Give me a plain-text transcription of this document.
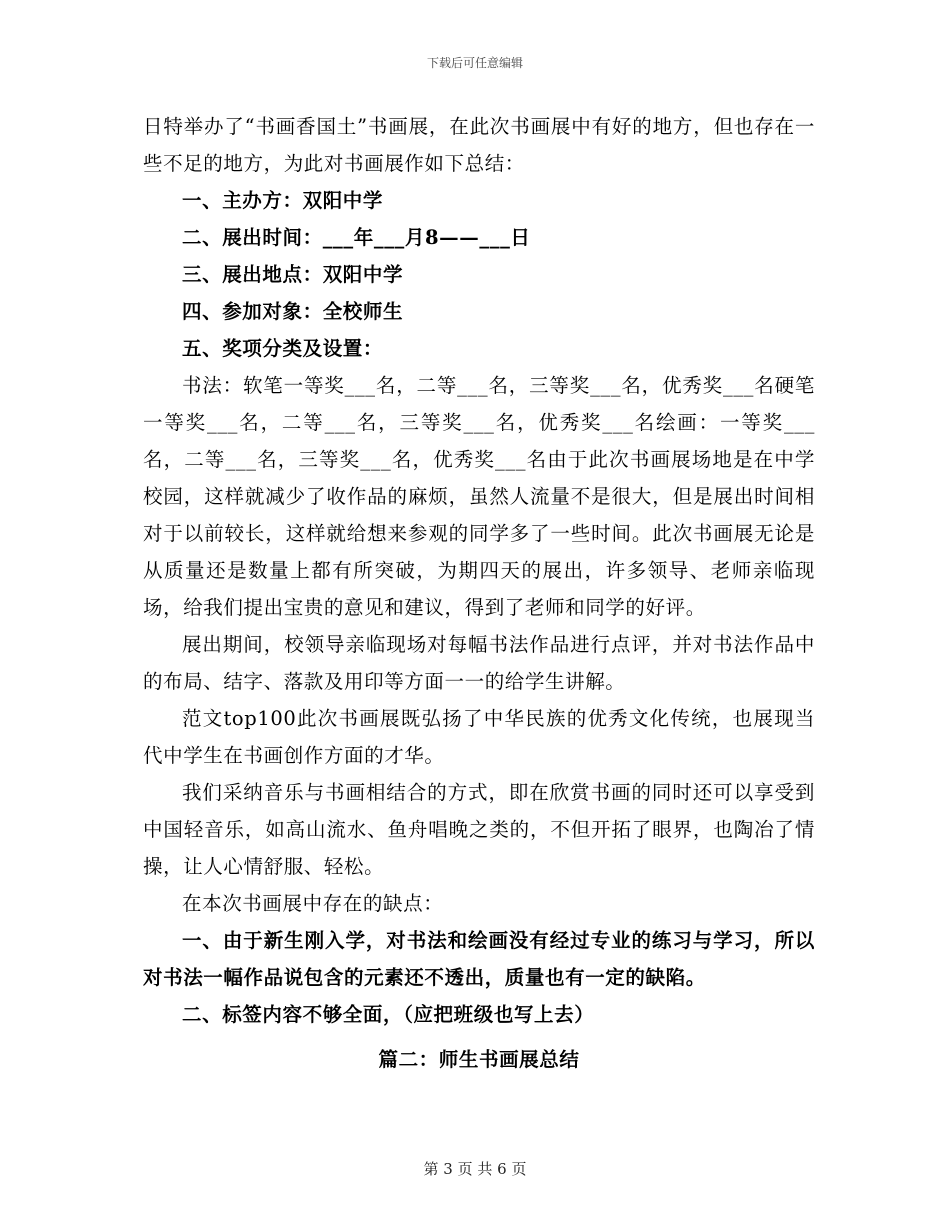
下载后可任意编辑

日特举办了“书画香国土”书画展，在此次书画展中有好的地方，但也存在一些不足的地方，为此对书画展作如下总结：

一、主办方：双阳中学

二、展出时间：___年___月8——___日

三、展出地点：双阳中学

四、参加对象：全校师生

五、奖项分类及设置：

书法：软笔一等奖___名，二等___名，三等奖___名，优秀奖___名硬笔一等奖___名，二等___名，三等奖___名，优秀奖___名绘画：一等奖___名，二等___名，三等奖___名，优秀奖___名由于此次书画展场地是在中学校园，这样就减少了收作品的麻烦，虽然人流量不是很大，但是展出时间相对于以前较长，这样就给想来参观的同学多了一些时间。此次书画展无论是从质量还是数量上都有所突破，为期四天的展出，许多领导、老师亲临现场，给我们提出宝贵的意见和建议，得到了老师和同学的好评。

展出期间，校领导亲临现场对每幅书法作品进行点评，并对书法作品中的布局、结字、落款及用印等方面一一的给学生讲解。

范文top100此次书画展既弘扬了中华民族的优秀文化传统，也展现当代中学生在书画创作方面的才华。

我们采纳音乐与书画相结合的方式，即在欣赏书画的同时还可以享受到中国轻音乐，如高山流水、鱼舟唱晚之类的，不但开拓了眼界，也陶冶了情操，让人心情舒服、轻松。

在本次书画展中存在的缺点：

一、由于新生刚入学，对书法和绘画没有经过专业的练习与学习，所以对书法一幅作品说包含的元素还不透出，质量也有一定的缺陷。

二、标签内容不够全面，（应把班级也写上去）

篇二：师生书画展总结

第 3 页 共 6 页
